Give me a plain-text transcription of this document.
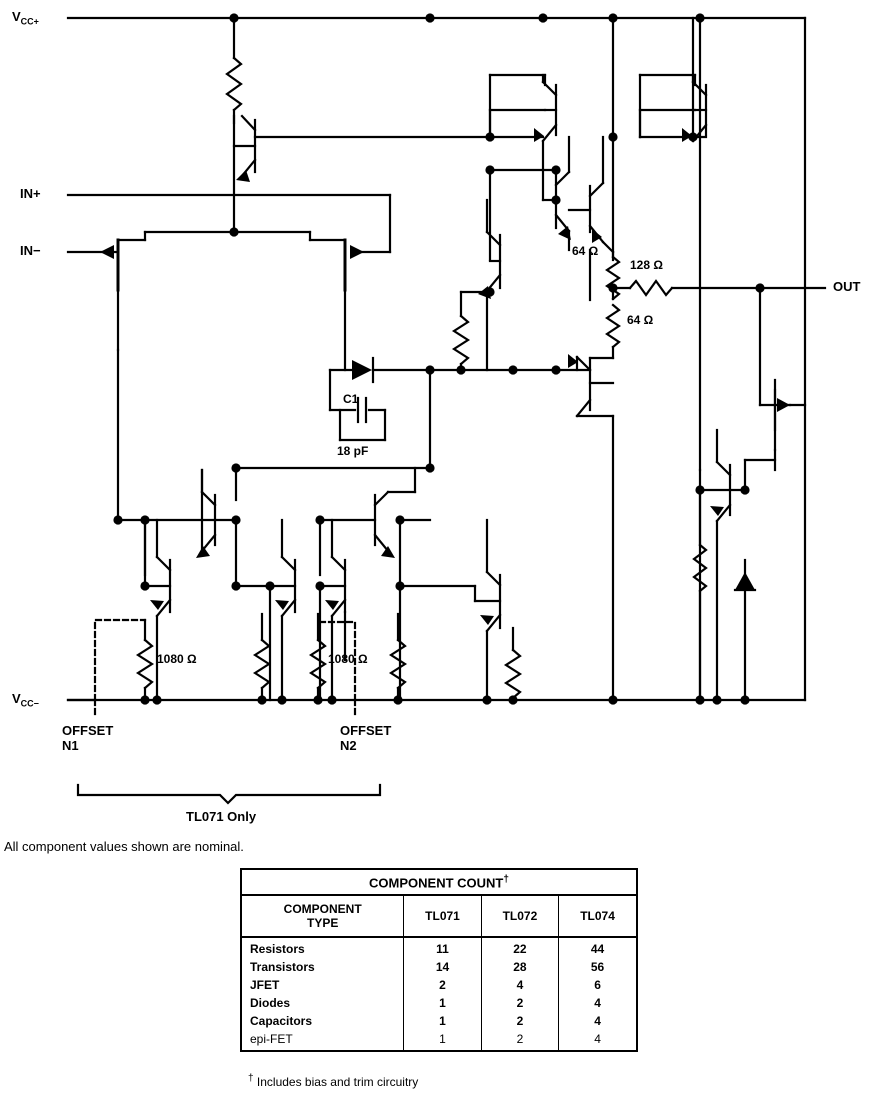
$V_{CC+}$
$V_{CC-}$
IN+
IN−
OUT
64 Ω
128 Ω
64 Ω
C1
18 pF
1080 Ω	1080 Ω
OFFSET
N1
OFFSET
N2
TL071 Only
All component values shown are nominal.
COMPONENT COUNT†
COMPONENT
TYPE	TL071	TL072	TL074
Resistors	11	22	44
Transistors	14	28	56
JFET	2	4	6
Diodes	1	2	4
Capacitors	1	2	4
epi-FET	1	2	4
† Includes bias and trim circuitry
